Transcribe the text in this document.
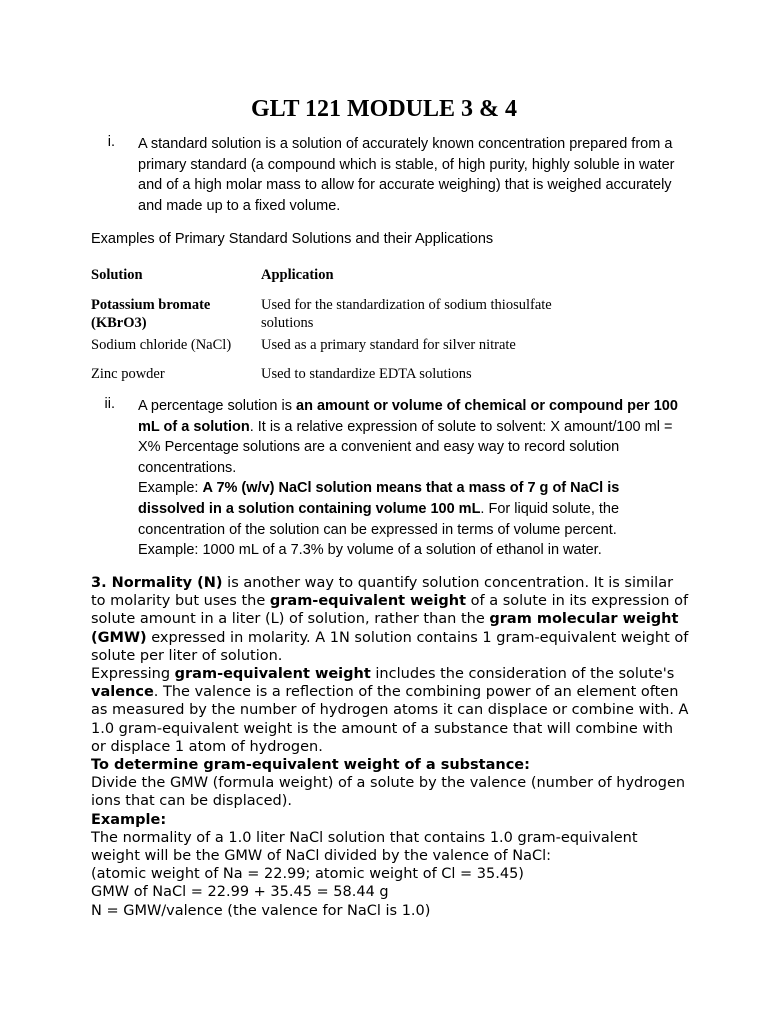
GLT 121 MODULE 3 & 4
i. A standard solution is a solution of accurately known concentration prepared from a primary standard (a compound which is stable, of high purity, highly soluble in water and of a high molar mass to allow for accurate weighing) that is weighed accurately and made up to a fixed volume.
Examples of Primary Standard Solutions and their Applications
Solution	Application
Potassium bromate (KBrO3)	Used for the standardization of sodium thiosulfate solutions
Sodium chloride (NaCl)	Used as a primary standard for silver nitrate
Zinc powder	Used to standardize EDTA solutions
ii. A percentage solution is an amount or volume of chemical or compound per 100 mL of a solution. It is a relative expression of solute to solvent: X amount/100 ml = X% Percentage solutions are a convenient and easy way to record solution concentrations.
Example: A 7% (w/v) NaCl solution means that a mass of 7 g of NaCl is dissolved in a solution containing volume 100 mL. For liquid solute, the concentration of the solution can be expressed in terms of volume percent.
Example: 1000 mL of a 7.3% by volume of a solution of ethanol in water.

3. Normality (N) is another way to quantify solution concentration. It is similar to molarity but uses the gram-equivalent weight of a solute in its expression of solute amount in a liter (L) of solution, rather than the gram molecular weight (GMW) expressed in molarity. A 1N solution contains 1 gram-equivalent weight of solute per liter of solution.

Expressing gram-equivalent weight includes the consideration of the solute's valence. The valence is a reflection of the combining power of an element often as measured by the number of hydrogen atoms it can displace or combine with. A 1.0 gram-equivalent weight is the amount of a substance that will combine with or displace 1 atom of hydrogen.

To determine gram-equivalent weight of a substance:

Divide the GMW (formula weight) of a solute by the valence (number of hydrogen ions that can be displaced).

Example:

The normality of a 1.0 liter NaCl solution that contains 1.0 gram-equivalent weight will be the GMW of NaCl divided by the valence of NaCl:

(atomic weight of Na = 22.99; atomic weight of Cl = 35.45)

GMW of NaCl = 22.99 + 35.45 = 58.44 g

N = GMW/valence (the valence for NaCl is 1.0)
